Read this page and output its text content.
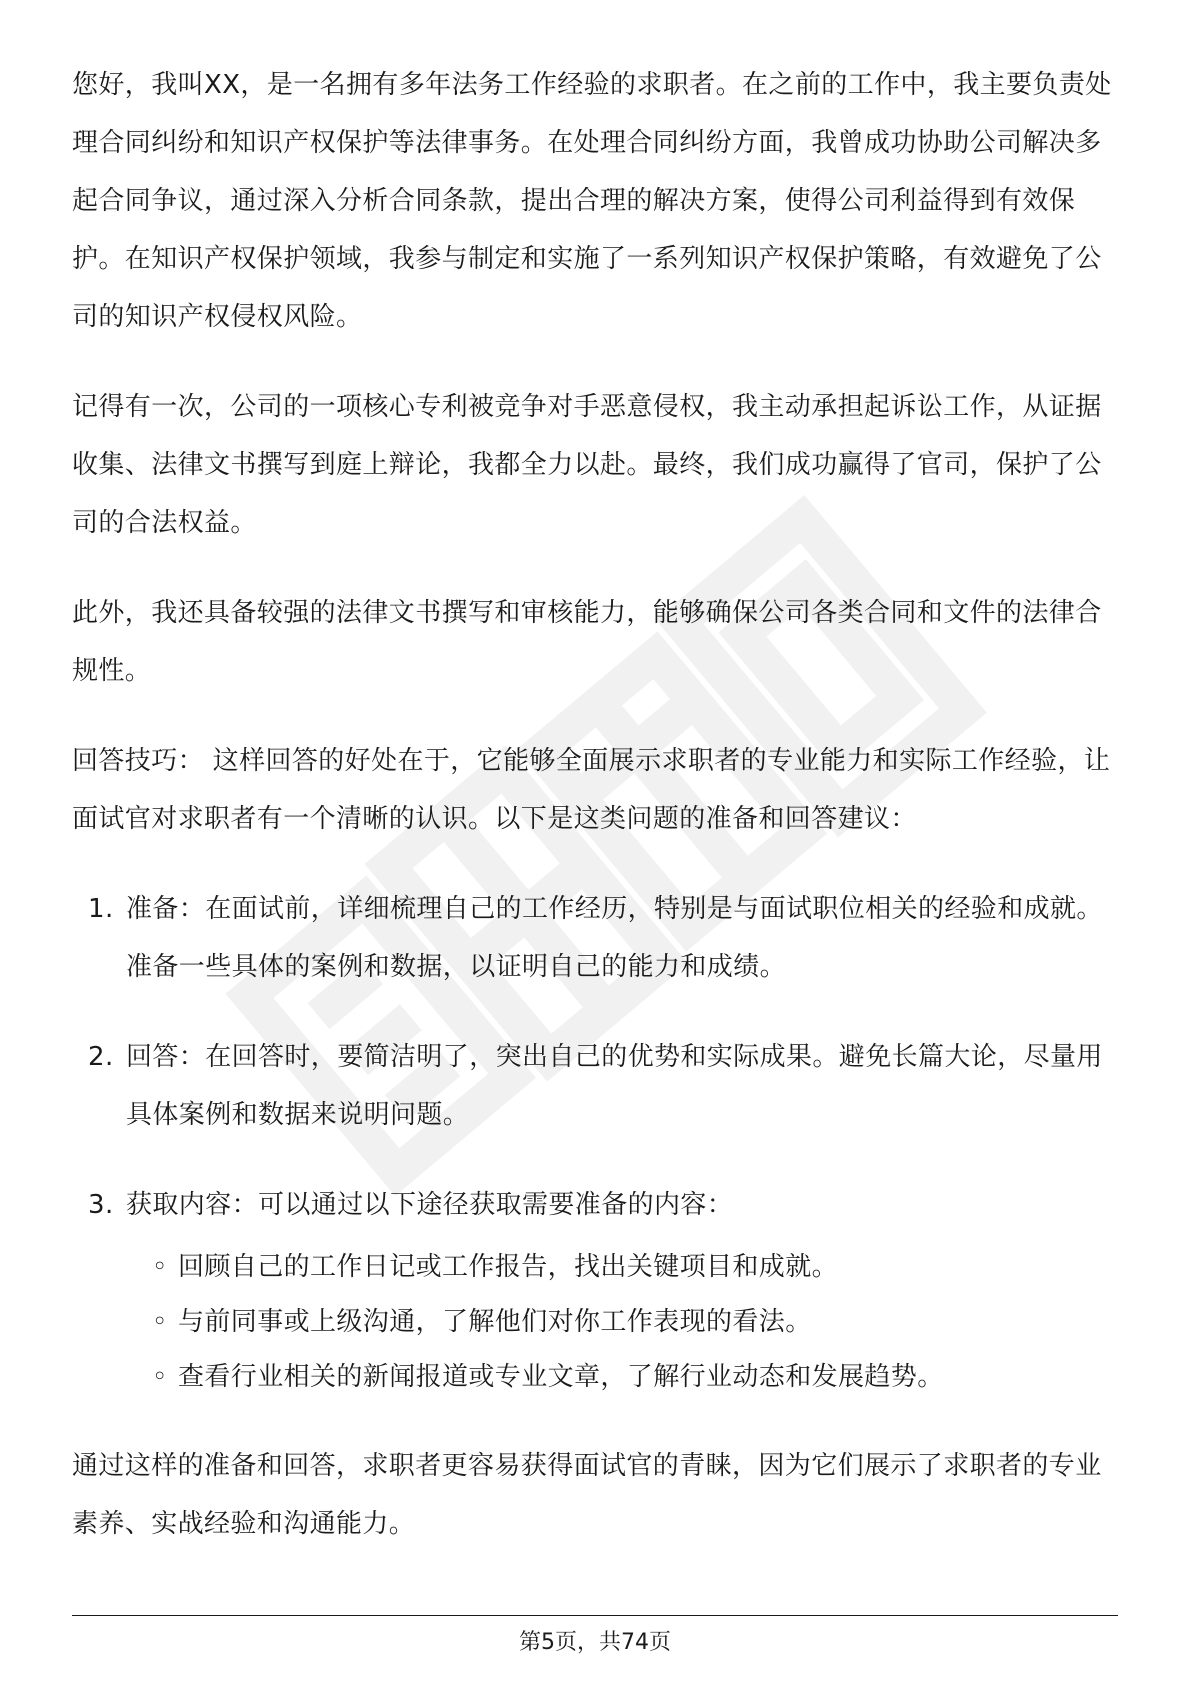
您好，我叫XX，是一名拥有多年法务工作经验的求职者。在之前的工作中，我主要负责处理合同纠纷和知识产权保护等法律事务。在处理合同纠纷方面，我曾成功协助公司解决多起合同争议，通过深入分析合同条款，提出合理的解决方案，使得公司利益得到有效保护。在知识产权保护领域，我参与制定和实施了一系列知识产权保护策略，有效避免了公司的知识产权侵权风险。

记得有一次，公司的一项核心专利被竞争对手恶意侵权，我主动承担起诉讼工作，从证据收集、法律文书撰写到庭上辩论，我都全力以赴。最终，我们成功赢得了官司，保护了公司的合法权益。

此外，我还具备较强的法律文书撰写和审核能力，能够确保公司各类合同和文件的法律合规性。

回答技巧： 这样回答的好处在于，它能够全面展示求职者的专业能力和实际工作经验，让面试官对求职者有一个清晰的认识。以下是这类问题的准备和回答建议：

1. 准备：在面试前，详细梳理自己的工作经历，特别是与面试职位相关的经验和成就。准备一些具体的案例和数据，以证明自己的能力和成绩。
2. 回答：在回答时，要简洁明了，突出自己的优势和实际成果。避免长篇大论，尽量用具体案例和数据来说明问题。
3. 获取内容：可以通过以下途径获取需要准备的内容：
◦ 回顾自己的工作日记或工作报告，找出关键项目和成就。
◦ 与前同事或上级沟通，了解他们对你工作表现的看法。
◦ 查看行业相关的新闻报道或专业文章，了解行业动态和发展趋势。

通过这样的准备和回答，求职者更容易获得面试官的青睐，因为它们展示了求职者的专业素养、实战经验和沟通能力。

第5页，共74页
